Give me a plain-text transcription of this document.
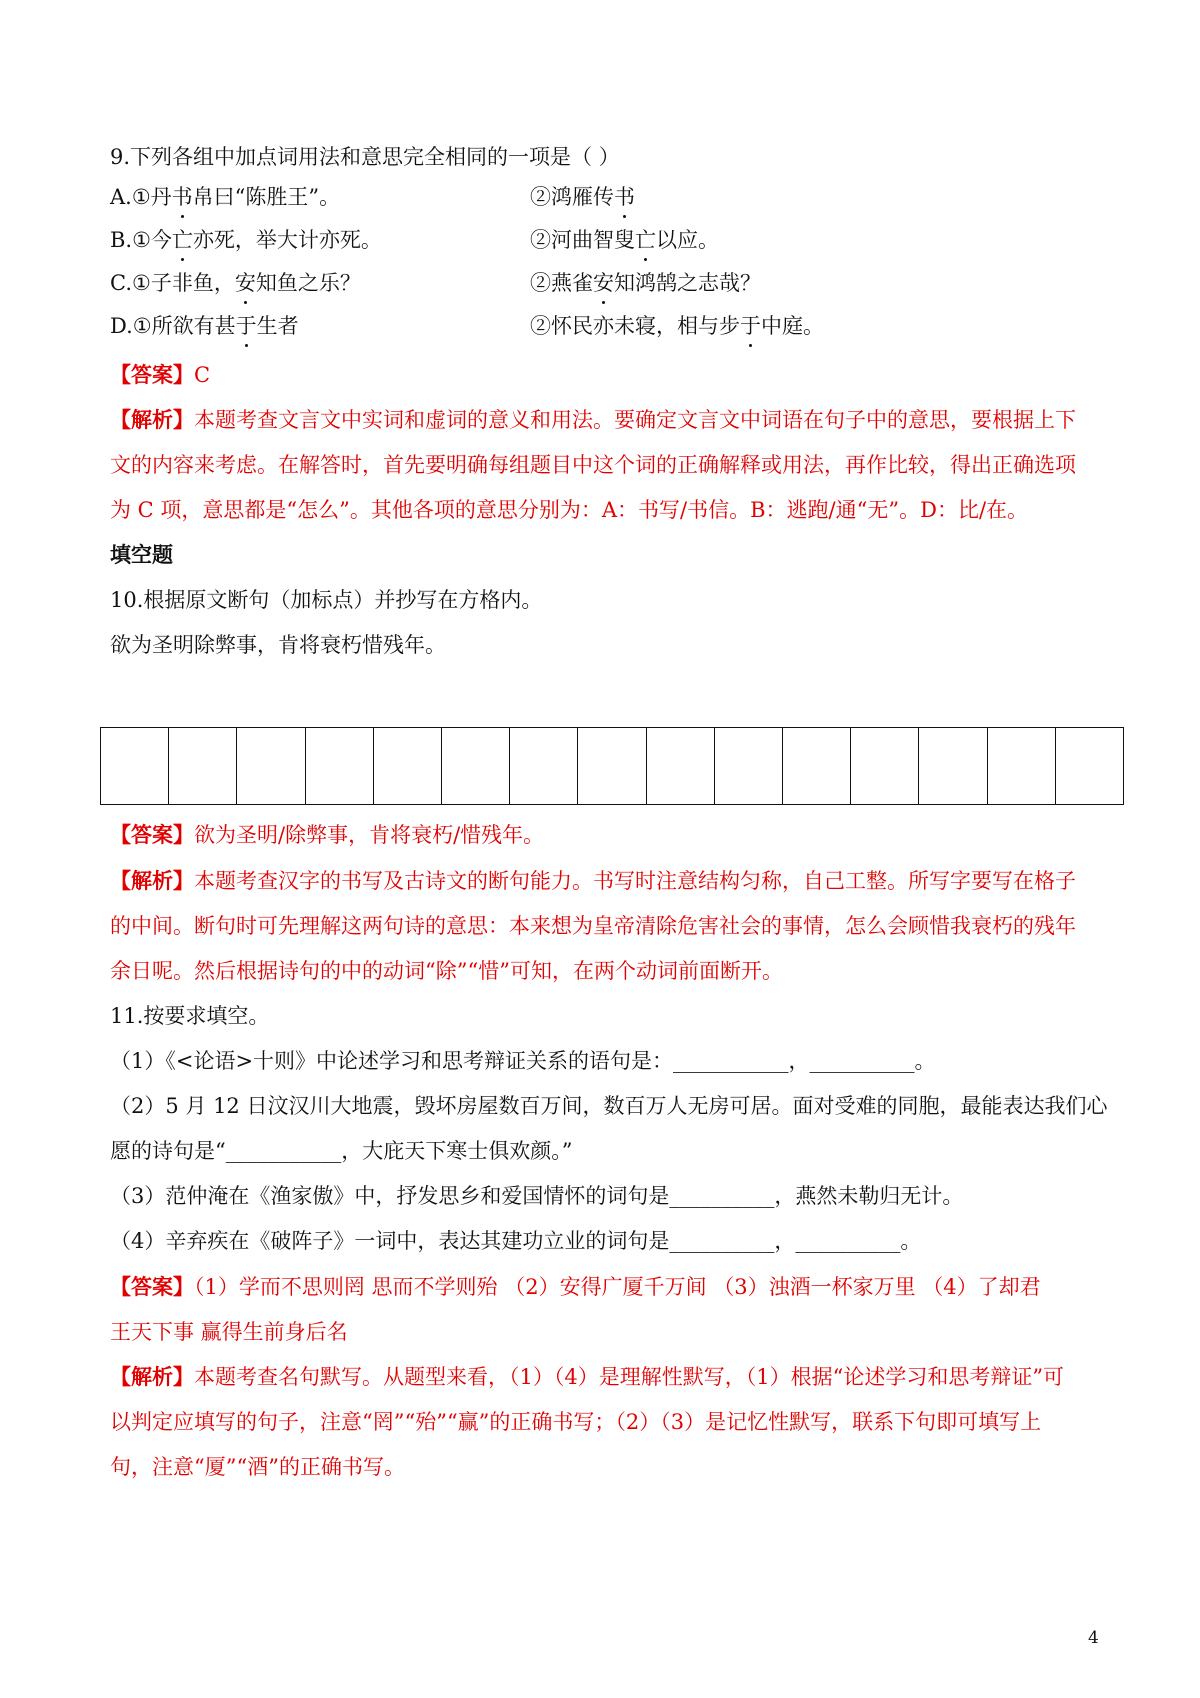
9.下列各组中加点词用法和意思完全相同的一项是（ ）
A.①丹书帛曰“陈胜王”。	②鸿雁传书
B.①今亡亦死，举大计亦死。	②河曲智叟亡以应。
C.①子非鱼，安知鱼之乐？	②燕雀安知鸿鹄之志哉？
D.①所欲有甚于生者	②怀民亦未寝，相与步于中庭。
【答案】C
【解析】本题考查文言文中实词和虚词的意义和用法。要确定文言文中词语在句子中的意思，要根据上下
文的内容来考虑。在解答时，首先要明确每组题目中这个词的正确解释或用法，再作比较，得出正确选项
为 C 项，意思都是“怎么”。其他各项的意思分别为：A：书写/书信。B：逃跑/通“无”。D：比/在。
填空题
10.根据原文断句（加标点）并抄写在方格内。
欲为圣明除弊事，肯将衰朽惜残年。
【答案】欲为圣明/除弊事，肯将衰朽/惜残年。
【解析】本题考查汉字的书写及古诗文的断句能力。书写时注意结构匀称，自己工整。所写字要写在格子
的中间。断句时可先理解这两句诗的意思：本来想为皇帝清除危害社会的事情，怎么会顾惜我衰朽的残年
余日呢。然后根据诗句的中的动词“除”“惜”可知，在两个动词前面断开。
11.按要求填空。
（1）《<论语>十则》中论述学习和思考辩证关系的语句是：___________，__________。
（2）5 月 12 日汶汉川大地震，毁坏房屋数百万间，数百万人无房可居。面对受难的同胞，最能表达我们心
愿的诗句是“___________，大庇天下寒士俱欢颜。”
（3）范仲淹在《渔家傲》中，抒发思乡和爱国情怀的词句是__________，燕然未勒归无计。
（4）辛弃疾在《破阵子》一词中，表达其建功立业的词句是__________，__________。
【答案】（1）学而不思则罔 思而不学则殆 （2）安得广厦千万间 （3）浊酒一杯家万里 （4）了却君
王天下事 赢得生前身后名
【解析】本题考查名句默写。从题型来看，（1）（4）是理解性默写，（1）根据“论述学习和思考辩证”可
以判定应填写的句子，注意“罔”“殆”“赢”的正确书写；（2）（3）是记忆性默写，联系下句即可填写上
句，注意“厦”“酒”的正确书写。
4
